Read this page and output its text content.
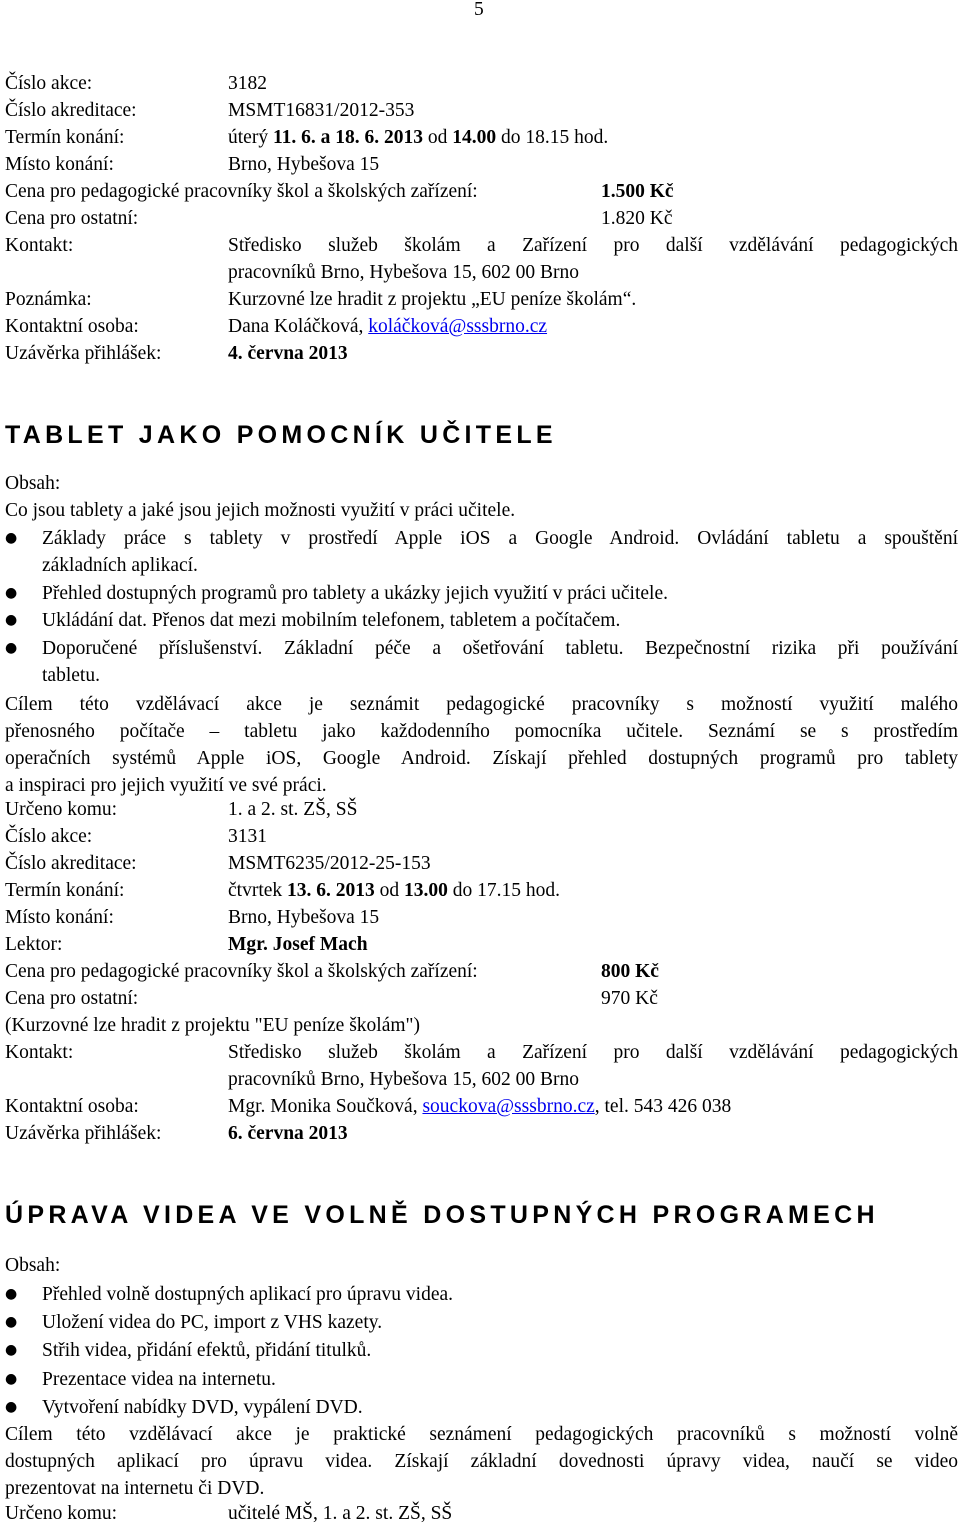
5
Číslo akce:	3182
Číslo akreditace:	MSMT16831/2012-353
Termín konání:	úterý 11. 6. a 18. 6. 2013 od 14.00 do 18.15 hod.
Místo konání:	Brno, Hybešova 15
Cena pro pedagogické pracovníky škol a školských zařízení:	1.500 Kč
Cena pro ostatní:	1.820 Kč
Kontakt:	Středisko služeb školám a Zařízení pro další vzdělávání pedagogických
pracovníků Brno, Hybešova 15, 602 00 Brno
Poznámka:	Kurzovné lze hradit z projektu „EU peníze školám“.
Kontaktní osoba:	Dana Koláčková, koláčková@sssbrno.cz
Uzávěrka přihlášek:	4. června 2013
TABLET JAKO POMOCNÍK UČITELE
Obsah:
Co jsou tablety a jaké jsou jejich možnosti využití v práci učitele.
● Základy práce s tablety v prostředí Apple iOS a Google Android. Ovládání tabletu a spouštění
základních aplikací.
● Přehled dostupných programů pro tablety a ukázky jejich využití v práci učitele.
● Ukládání dat. Přenos dat mezi mobilním telefonem, tabletem a počítačem.
● Doporučené příslušenství. Základní péče a ošetřování tabletu. Bezpečnostní rizika při používání
tabletu.
Cílem této vzdělávací akce je seznámit pedagogické pracovníky s možností využití malého
přenosného počítače – tabletu jako každodenního pomocníka učitele. Seznámí se s prostředím
operačních systémů Apple iOS, Google Android. Získají přehled dostupných programů pro tablety
a inspiraci pro jejich využití ve své práci.
Určeno komu:	1. a 2. st. ZŠ, SŠ
Číslo akce:	3131
Číslo akreditace:	MSMT6235/2012-25-153
Termín konání:	čtvrtek 13. 6. 2013 od 13.00 do 17.15 hod.
Místo konání:	Brno, Hybešova 15
Lektor:	Mgr. Josef Mach
Cena pro pedagogické pracovníky škol a školských zařízení:	800 Kč
Cena pro ostatní:	970 Kč
(Kurzovné lze hradit z projektu "EU peníze školám")
Kontakt:	Středisko služeb školám a Zařízení pro další vzdělávání pedagogických
pracovníků Brno, Hybešova 15, 602 00 Brno
Kontaktní osoba:	Mgr. Monika Součková, souckova@sssbrno.cz, tel. 543 426 038
Uzávěrka přihlášek:	6. června 2013
ÚPRAVA VIDEA VE VOLNĚ DOSTUPNÝCH PROGRAMECH
Obsah:
● Přehled volně dostupných aplikací pro úpravu videa.
● Uložení videa do PC, import z VHS kazety.
● Střih videa, přidání efektů, přidání titulků.
● Prezentace videa na internetu.
● Vytvoření nabídky DVD, vypálení DVD.
Cílem této vzdělávací akce je praktické seznámení pedagogických pracovníků s možností volně
dostupných aplikací pro úpravu videa. Získají základní dovednosti úpravy videa, naučí se video
prezentovat na internetu či DVD.
Určeno komu:	učitelé MŠ, 1. a 2. st. ZŠ, SŠ
